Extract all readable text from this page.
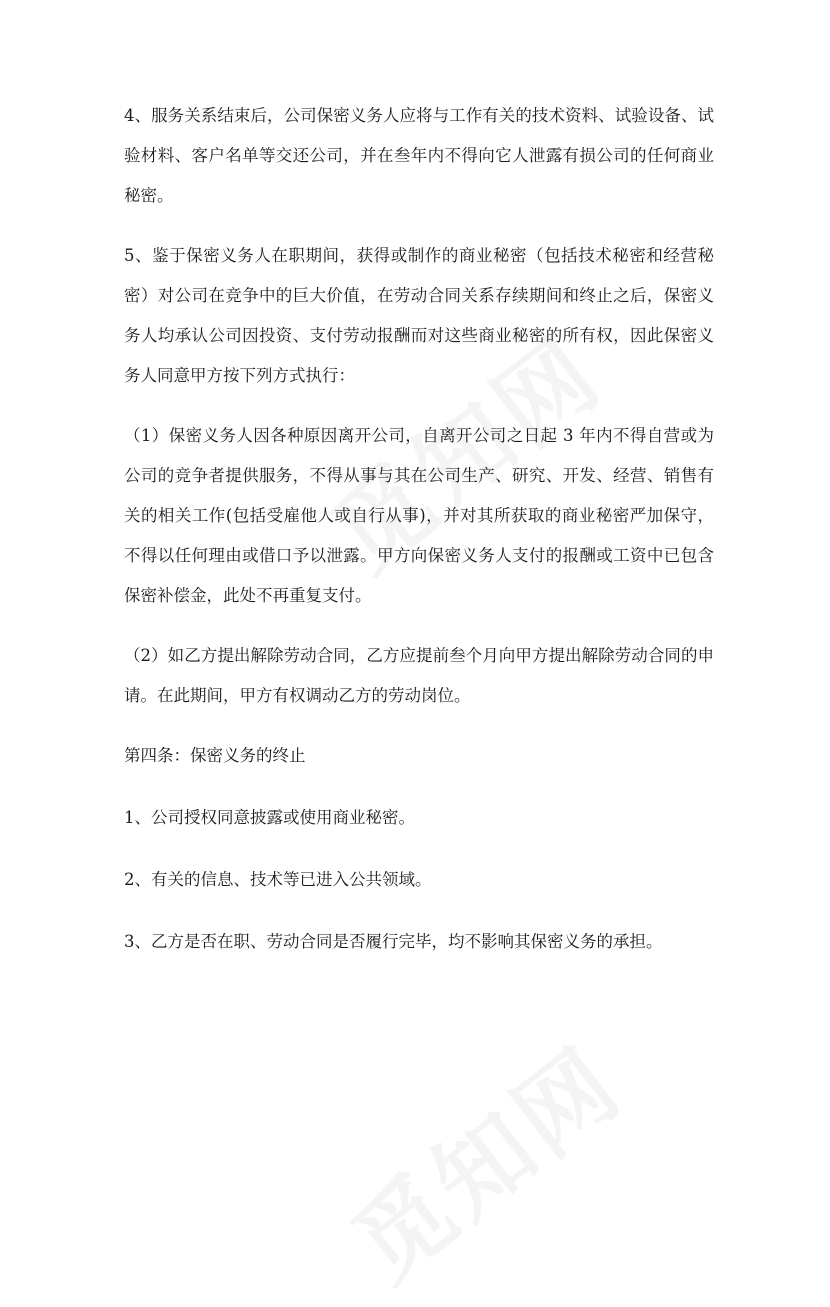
4、服务关系结束后，公司保密义务人应将与工作有关的技术资料、试验设备、试验材料、客户名单等交还公司，并在叁年内不得向它人泄露有损公司的任何商业秘密。

5、鉴于保密义务人在职期间，获得或制作的商业秘密（包括技术秘密和经营秘密）对公司在竞争中的巨大价值，在劳动合同关系存续期间和终止之后，保密义务人均承认公司因投资、支付劳动报酬而对这些商业秘密的所有权，因此保密义务人同意甲方按下列方式执行：

（1）保密义务人因各种原因离开公司，自离开公司之日起 3 年内不得自营或为公司的竞争者提供服务，不得从事与其在公司生产、研究、开发、经营、销售有关的相关工作(包括受雇他人或自行从事)，并对其所获取的商业秘密严加保守，不得以任何理由或借口予以泄露。甲方向保密义务人支付的报酬或工资中已包含保密补偿金，此处不再重复支付。

（2）如乙方提出解除劳动合同，乙方应提前叁个月向甲方提出解除劳动合同的申请。在此期间，甲方有权调动乙方的劳动岗位。

第四条：保密义务的终止

1、公司授权同意披露或使用商业秘密。

2、有关的信息、技术等已进入公共领域。

3、乙方是否在职、劳动合同是否履行完毕，均不影响其保密义务的承担。
